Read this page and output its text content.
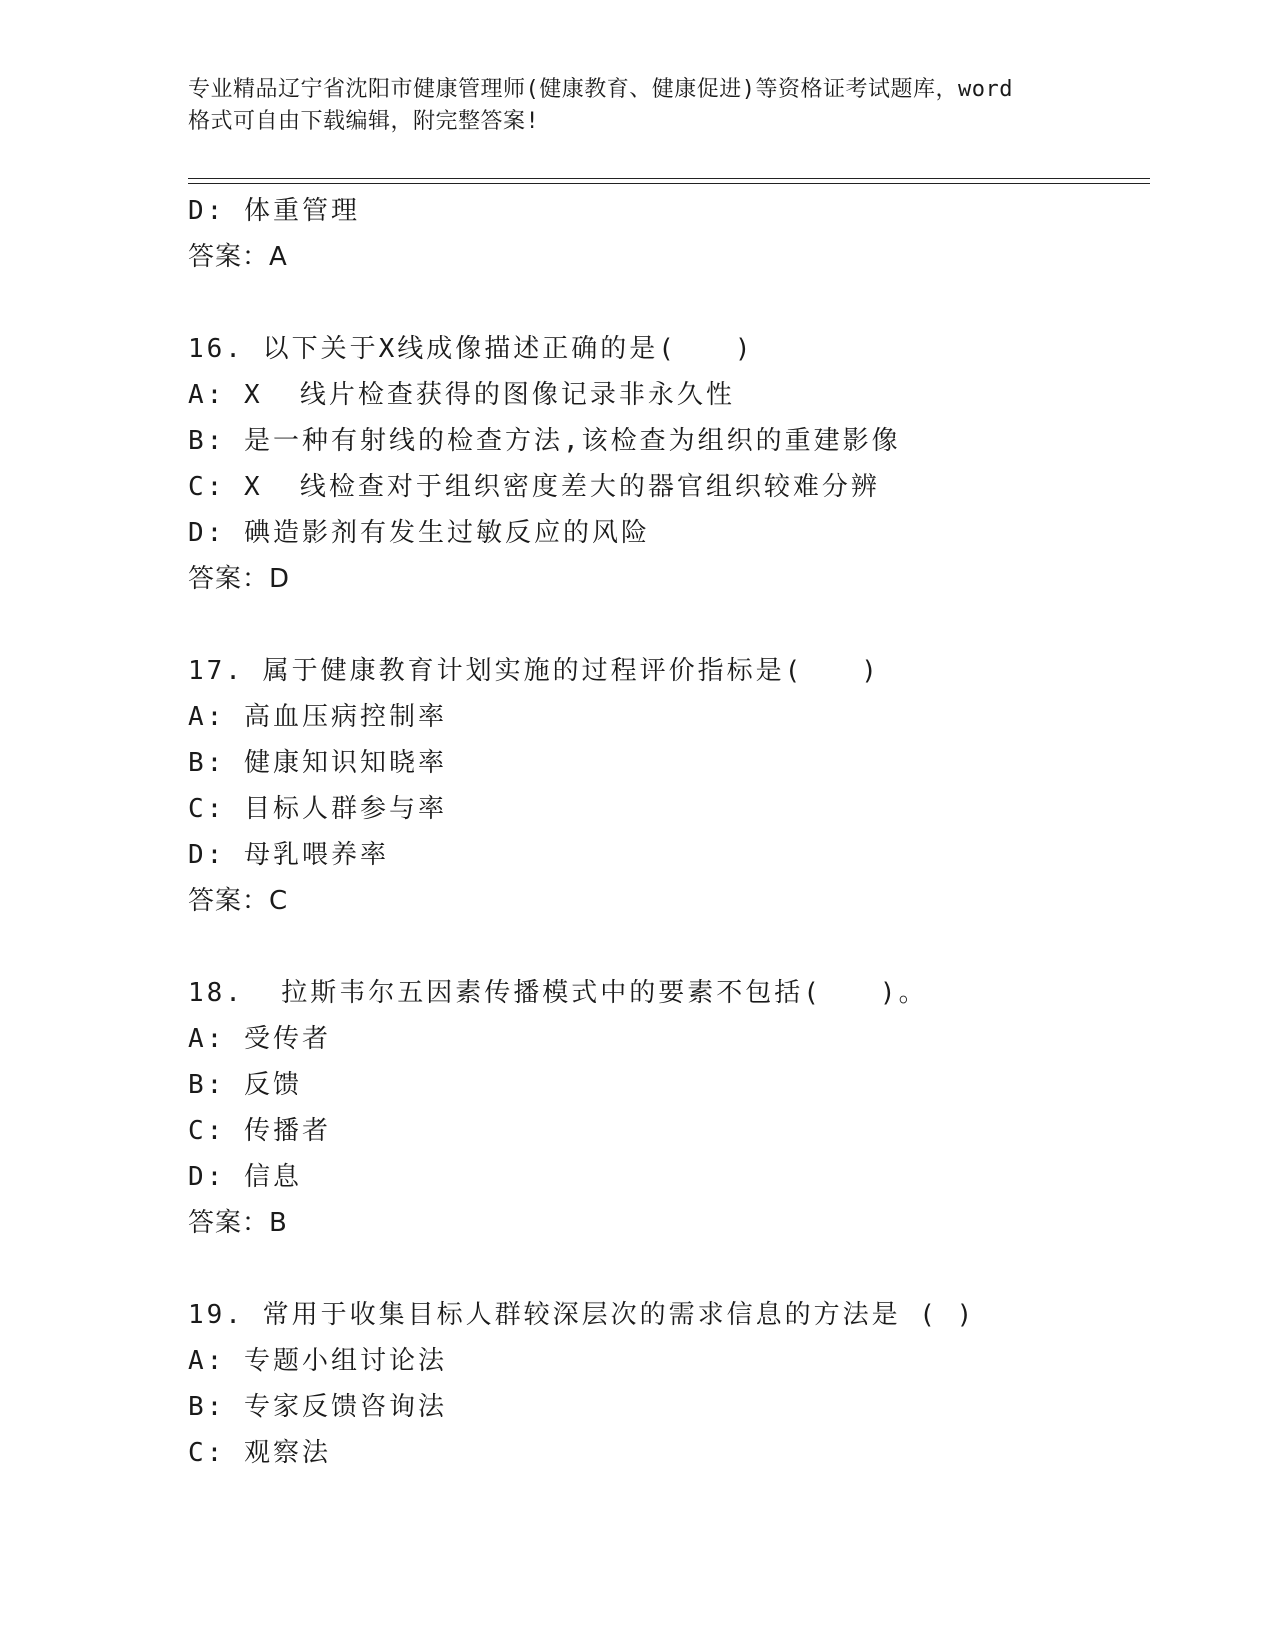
专业精品辽宁省沈阳市健康管理师(健康教育、健康促进)等资格证考试题库，word
格式可自由下载编辑，附完整答案!
D: 体重管理
答案：A
16. 以下关于X线成像描述正确的是(　　)
A: X  线片检查获得的图像记录非永久性
B: 是一种有射线的检查方法,该检查为组织的重建影像
C: X  线检查对于组织密度差大的器官组织较难分辨
D: 碘造影剂有发生过敏反应的风险
答案：D
17. 属于健康教育计划实施的过程评价指标是(　　)
A: 高血压病控制率
B: 健康知识知晓率
C: 目标人群参与率
D: 母乳喂养率
答案：C
18.  拉斯韦尔五因素传播模式中的要素不包括(　　)。
A: 受传者
B: 反馈
C: 传播者
D: 信息
答案：B
19. 常用于收集目标人群较深层次的需求信息的方法是 ( )
A: 专题小组讨论法
B: 专家反馈咨询法
C: 观察法
